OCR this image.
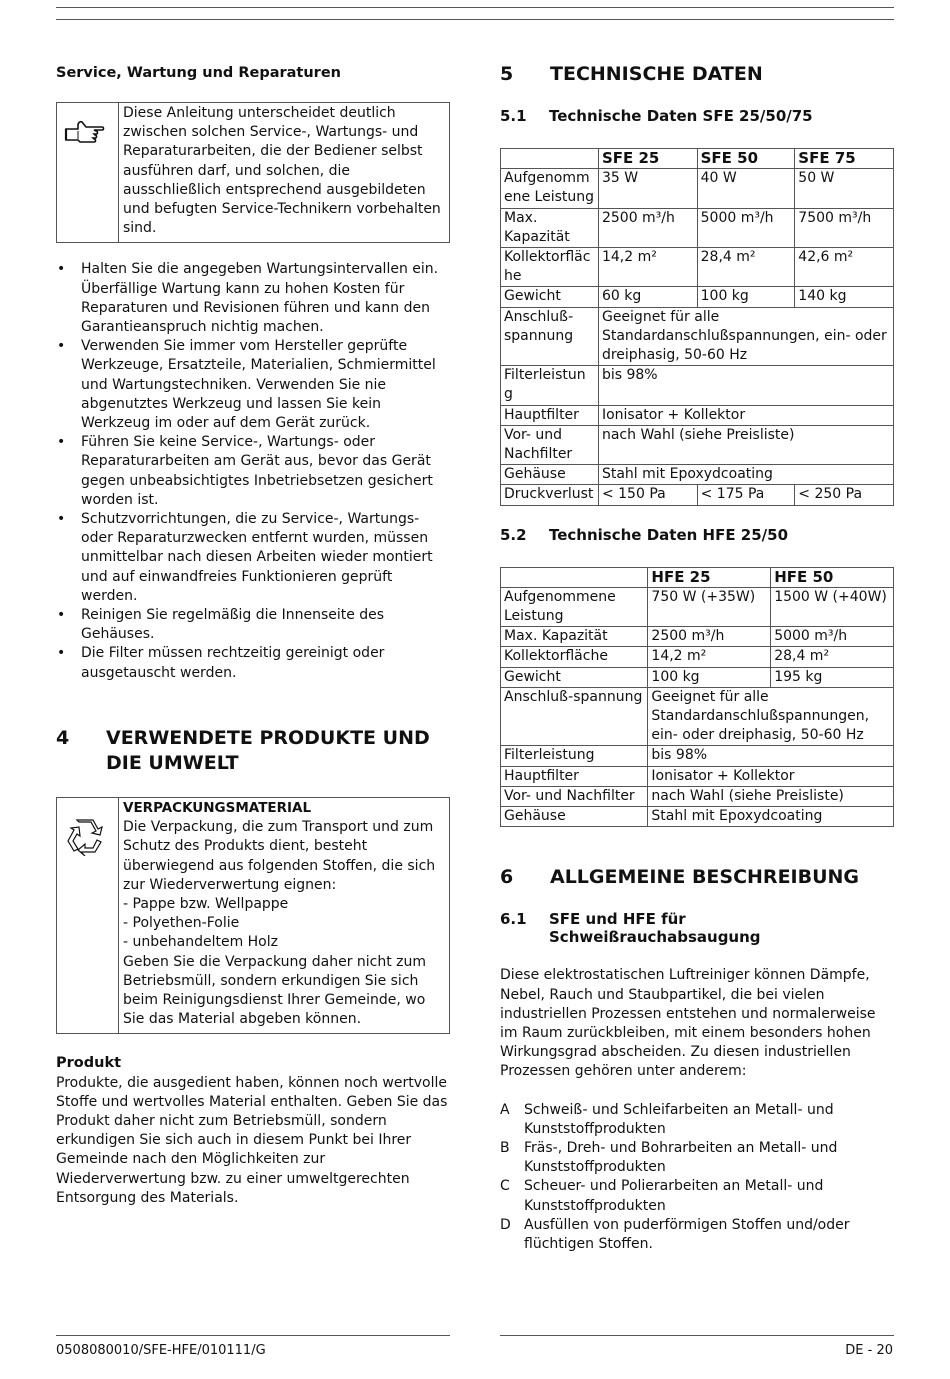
Service, Wartung und Reparaturen
Diese Anleitung unterscheidet deutlich zwischen solchen Service-, Wartungs- und Reparaturarbeiten, die der Bediener selbst ausführen darf, und solchen, die ausschließlich entsprechend ausgebildeten und befugten Service-Technikern vorbehalten sind.
• Halten Sie die angegeben Wartungsintervallen ein. Überfällige Wartung kann zu hohen Kosten für Reparaturen und Revisionen führen und kann den Garantieanspruch nichtig machen.
• Verwenden Sie immer vom Hersteller geprüfte Werkzeuge, Ersatzteile, Materialien, Schmiermittel und Wartungstechniken. Verwenden Sie nie abgenutztes Werkzeug und lassen Sie kein Werkzeug im oder auf dem Gerät zurück.
• Führen Sie keine Service-, Wartungs- oder Reparaturarbeiten am Gerät aus, bevor das Gerät gegen unbeabsichtigtes Inbetriebsetzen gesichert worden ist.
• Schutzvorrichtungen, die zu Service-, Wartungs- oder Reparaturzwecken entfernt wurden, müssen unmittelbar nach diesen Arbeiten wieder montiert und auf einwandfreies Funktionieren geprüft werden.
• Reinigen Sie regelmäßig die Innenseite des Gehäuses.
• Die Filter müssen rechtzeitig gereinigt oder ausgetauscht werden.
4	VERWENDETE PRODUKTE UND DIE UMWELT
VERPACKUNGSMATERIAL
Die Verpackung, die zum Transport und zum Schutz des Produkts dient, besteht überwiegend aus folgenden Stoffen, die sich zur Wiederverwertung eignen:
- Pappe bzw. Wellpappe
- Polyethen-Folie
- unbehandeltem Holz
Geben Sie die Verpackung daher nicht zum Betriebsmüll, sondern erkundigen Sie sich beim Reinigungsdienst Ihrer Gemeinde, wo Sie das Material abgeben können.
Produkt
Produkte, die ausgedient haben, können noch wertvolle Stoffe und wertvolles Material enthalten. Geben Sie das Produkt daher nicht zum Betriebsmüll, sondern erkundigen Sie sich auch in diesem Punkt bei Ihrer Gemeinde nach den Möglichkeiten zur Wiederverwertung bzw. zu einer umweltgerechten Entsorgung des Materials.
5	TECHNISCHE DATEN
5.1	Technische Daten SFE 25/50/75
	SFE 25	SFE 50	SFE 75
Aufgenomm ene Leistung	35 W	40 W	50 W
Max. Kapazität	2500 m³/h	5000 m³/h	7500 m³/h
Kollektorfläc he	14,2 m²	28,4 m²	42,6 m²
Gewicht	60 kg	100 kg	140 kg
Anschluß-spannung	Geeignet für alle Standardanschlußspannungen, ein- oder dreiphasig, 50-60 Hz		
Filterleistun g	bis 98%		
Hauptfilter	Ionisator + Kollektor		
Vor- und Nachfilter	nach Wahl (siehe Preisliste)		
Gehäuse	Stahl mit Epoxydcoating		
Druckverlust	< 150 Pa	< 175 Pa	< 250 Pa
5.2	Technische Daten HFE 25/50
	HFE 25	HFE 50
Aufgenommene Leistung	750 W (+35W)	1500 W (+40W)
Max. Kapazität	2500 m³/h	5000 m³/h
Kollektorfläche	14,2 m²	28,4 m²
Gewicht	100 kg	195 kg
Anschluß-spannung	Geeignet für alle Standardanschlußspannungen, ein- oder dreiphasig, 50-60 Hz	
Filterleistung	bis 98%	
Hauptfilter	Ionisator + Kollektor	
Vor- und Nachfilter	nach Wahl (siehe Preisliste)	
Gehäuse	Stahl mit Epoxydcoating	
6	ALLGEMEINE BESCHREIBUNG
6.1	SFE und HFE für Schweißrauchabsaugung
Diese elektrostatischen Luftreiniger können Dämpfe, Nebel, Rauch und Staubpartikel, die bei vielen industriellen Prozessen entstehen und normalerweise im Raum zurückbleiben, mit einem besonders hohen Wirkungsgrad abscheiden. Zu diesen industriellen Prozessen gehören unter anderem:
A	Schweiß- und Schleifarbeiten an Metall- und Kunststoffprodukten
B	Fräs-, Dreh- und Bohrarbeiten an Metall- und Kunststoffprodukten
C	Scheuer- und Polierarbeiten an Metall- und Kunststoffprodukten
D Ausfüllen von puderförmigen Stoffen und/oder flüchtigen Stoffen.
0508080010/SFE-HFE/010111/G	DE - 20
